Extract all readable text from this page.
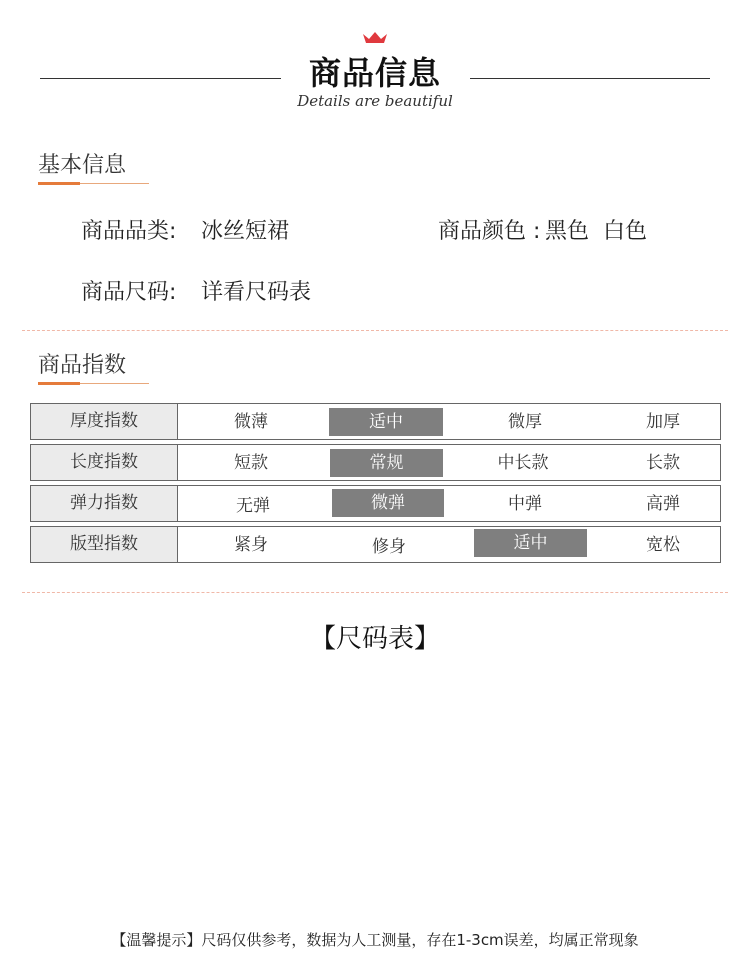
商品信息
Details are beautiful
基本信息
商品品类: 冰丝短裙	商品颜色 : 黑色  白色
商品尺码: 详看尺码表
商品指数
厚度指数	微薄	适中	微厚	加厚
长度指数	短款	常规	中长款	长款
弹力指数	无弹	微弹	中弹	高弹
版型指数	紧身	修身	适中	宽松
【尺码表】
【温馨提示】尺码仅供参考，数据为人工测量，存在1-3cm误差，均属正常现象
